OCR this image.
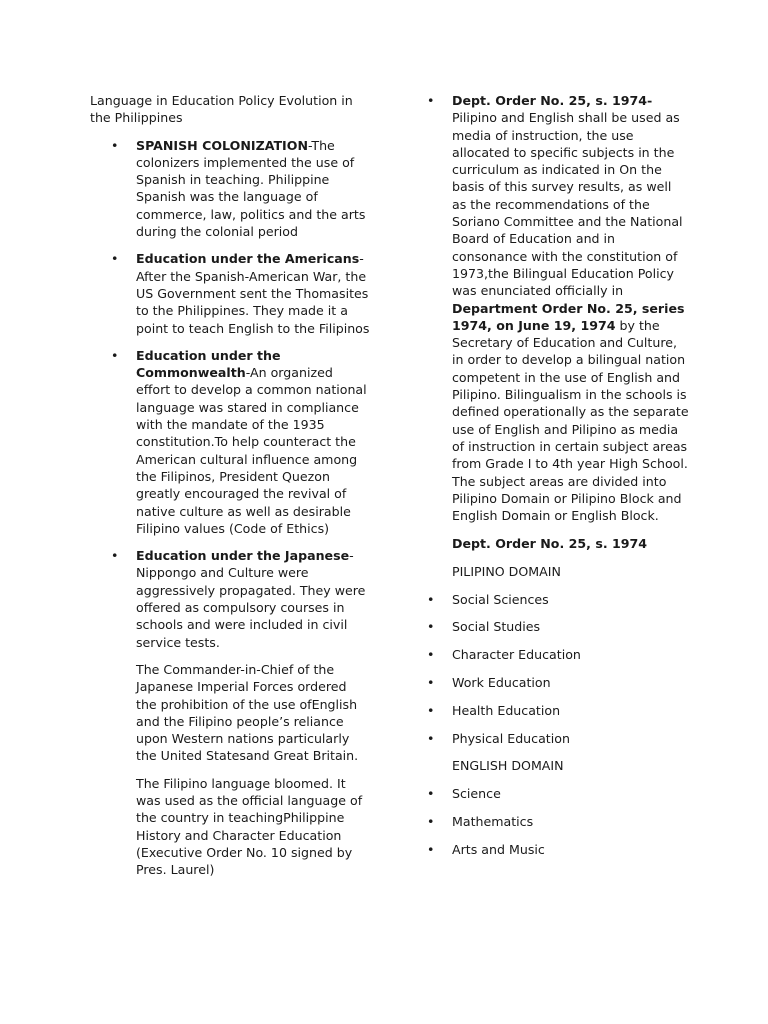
Language in Education Policy Evolution in the Philippines
• SPANISH COLONIZATION-The colonizers implemented the use of Spanish in teaching. Philippine Spanish was the language of commerce, law, politics and the arts during the colonial period
• Education under the Americans-After the Spanish-American War, the US Government sent the Thomasites to the Philippines. They made it a point to teach English to the Filipinos
• Education under the Commonwealth-An organized effort to develop a common national language was stared in compliance with the mandate of the 1935 constitution.To help counteract the American cultural influence among the Filipinos, President Quezon greatly encouraged the revival of native culture as well as desirable Filipino values (Code of Ethics)
• Education under the Japanese-Nippongo and Culture were aggressively propagated. They were offered as compulsory courses in schools and were included in civil service tests.

The Commander-in-Chief of the Japanese Imperial Forces ordered the prohibition of the use ofEnglish and the Filipino people’s reliance upon Western nations particularly the United Statesand Great Britain.

The Filipino language bloomed. It was used as the official language of the country in teachingPhilippine History and Character Education (Executive Order No. 10 signed by Pres. Laurel)

• Dept. Order No. 25, s. 1974-
Pilipino and English shall be used as media of instruction, the use allocated to specific subjects in the curriculum as indicated in On the basis of this survey results, as well as the recommendations of the Soriano Committee and the National Board of Education and in consonance with the constitution of 1973,the Bilingual Education Policy was enunciated officially in Department Order No. 25, series 1974, on June 19, 1974 by the Secretary of Education and Culture, in order to develop a bilingual nation competent in the use of English and Pilipino. Bilingualism in the schools is defined operationally as the separate use of English and Pilipino as media of instruction in certain subject areas from Grade I to 4th year High School. The subject areas are divided into Pilipino Domain or Pilipino Block and English Domain or English Block.

Dept. Order No. 25, s. 1974

PILIPINO DOMAIN

• Social Sciences
• Social Studies
• Character Education
• Work Education
• Health Education
• Physical Education

ENGLISH DOMAIN

• Science
• Mathematics
• Arts and Music
